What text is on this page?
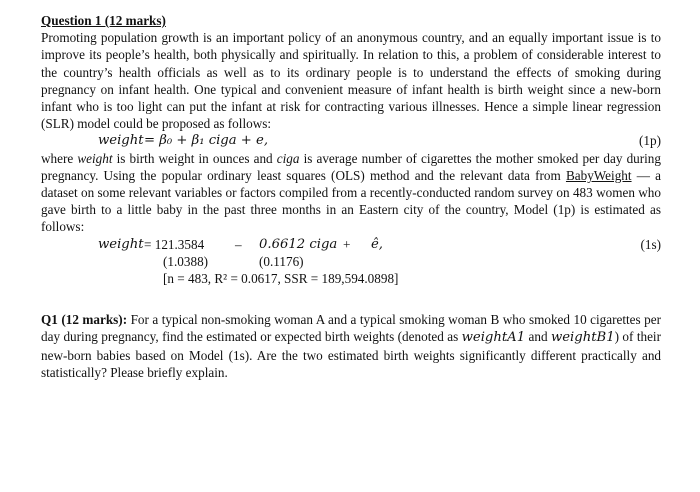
Question 1 (12 marks)
Promoting population growth is an important policy of an anonymous country, and an equally important issue is to improve its people’s health, both physically and spiritually. In relation to this, a problem of considerable interest to the country’s health officials as well as to its ordinary people is to understand the effects of smoking during pregnancy on infant health. One typical and convenient measure of infant health is birth weight since a new-born infant who is too light can put the infant at risk for contracting various illnesses. Hence a simple linear regression (SLR) model could be proposed as follows:
weight = β₀ + β₁ ciga + e,	(1p)
where weight is birth weight in ounces and ciga is average number of cigarettes the mother smoked per day during pregnancy. Using the popular ordinary least squares (OLS) method and the relevant data from BabyWeight — a dataset on some relevant variables or factors compiled from a recently-conducted random survey on 483 women who gave birth to a little baby in the past three months in an Eastern city of the country, Model (1p) is estimated as follows:
weight = 121.3584 – 0.6612 ciga + ê,	(1s)
(1.0388)	(0.1176)
[n = 483, R² = 0.0617, SSR = 189,594.0898]
Q1 (12 marks): For a typical non-smoking woman A and a typical smoking woman B who smoked 10 cigarettes per day during pregnancy, find the estimated or expected birth weights (denoted as weightA1 and weightB1) of their new-born babies based on Model (1s). Are the two estimated birth weights significantly different practically and statistically? Please briefly explain.
